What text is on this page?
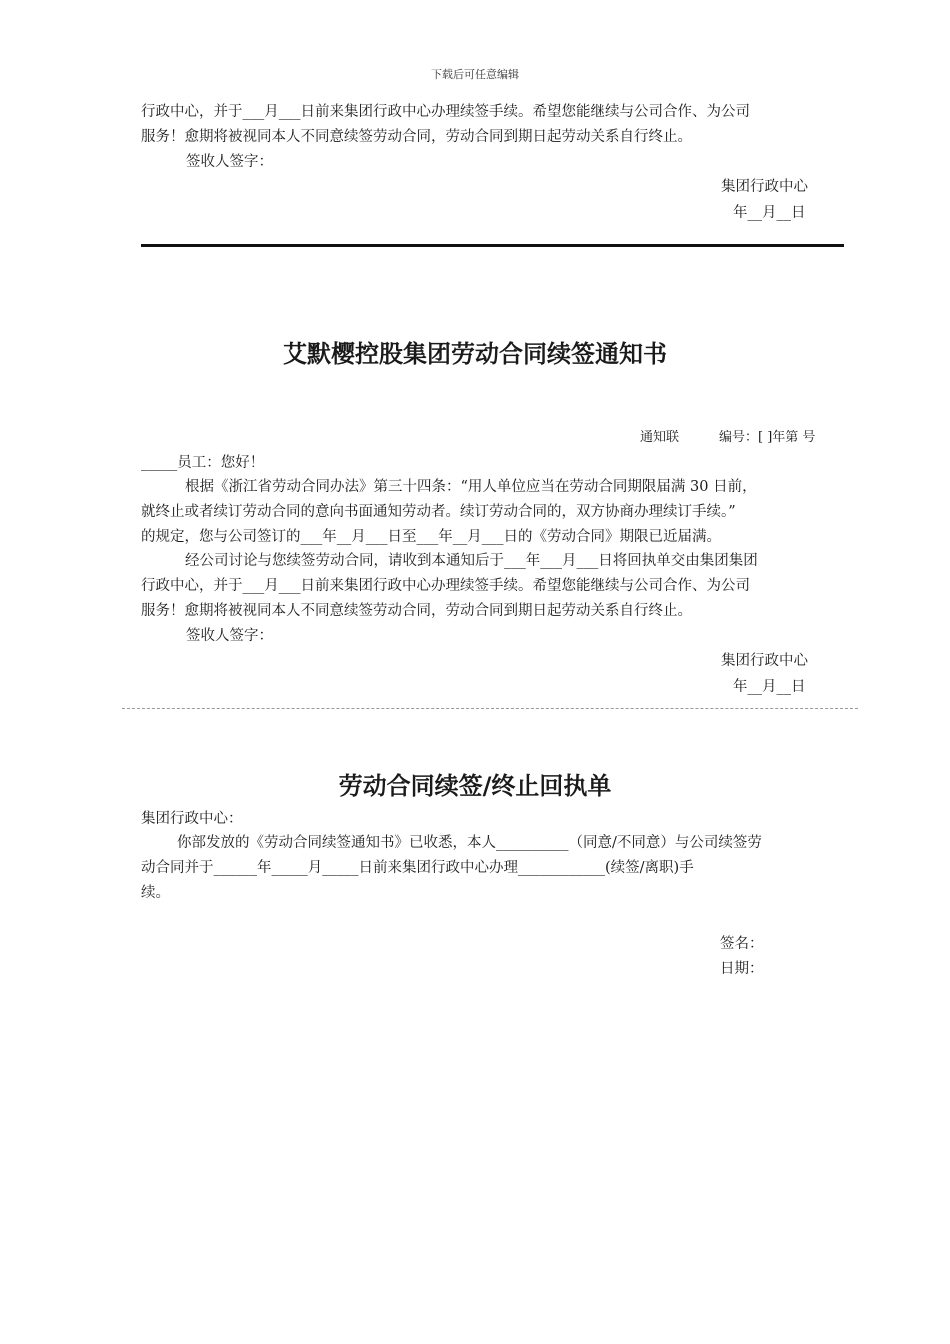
下载后可任意编辑

行政中心，并于___月___日前来集团行政中心办理续签手续。希望您能继续与公司合作、为公司

服务！愈期将被视同本人不同意续签劳动合同，劳动合同到期日起劳动关系自行终止。

签收人签字：
集团行政中心
年__月__日
艾默樱控股集团劳动合同续签通知书
通知联	编号：[ ]年第 号
_____员工：您好！

根据《浙江省劳动合同办法》第三十四条：“用人单位应当在劳动合同期限届满 30 日前，

就终止或者续订劳动合同的意向书面通知劳动者。续订劳动合同的，双方协商办理续订手续。”

的规定，您与公司签订的___年__月___日至___年__月___日的《劳动合同》期限已近届满。

经公司讨论与您续签劳动合同，请收到本通知后于___年___月___日将回执单交由集团集团

行政中心，并于___月___日前来集团行政中心办理续签手续。希望您能继续与公司合作、为公司

服务！愈期将被视同本人不同意续签劳动合同，劳动合同到期日起劳动关系自行终止。

签收人签字：
集团行政中心
年__月__日
劳动合同续签/终止回执单
集团行政中心：

你部发放的《劳动合同续签通知书》已收悉，本人__________（同意/不同意）与公司续签劳

动合同并于______年_____月_____日前来集团行政中心办理____________(续签/离职)手

续。

签名：
日期：
